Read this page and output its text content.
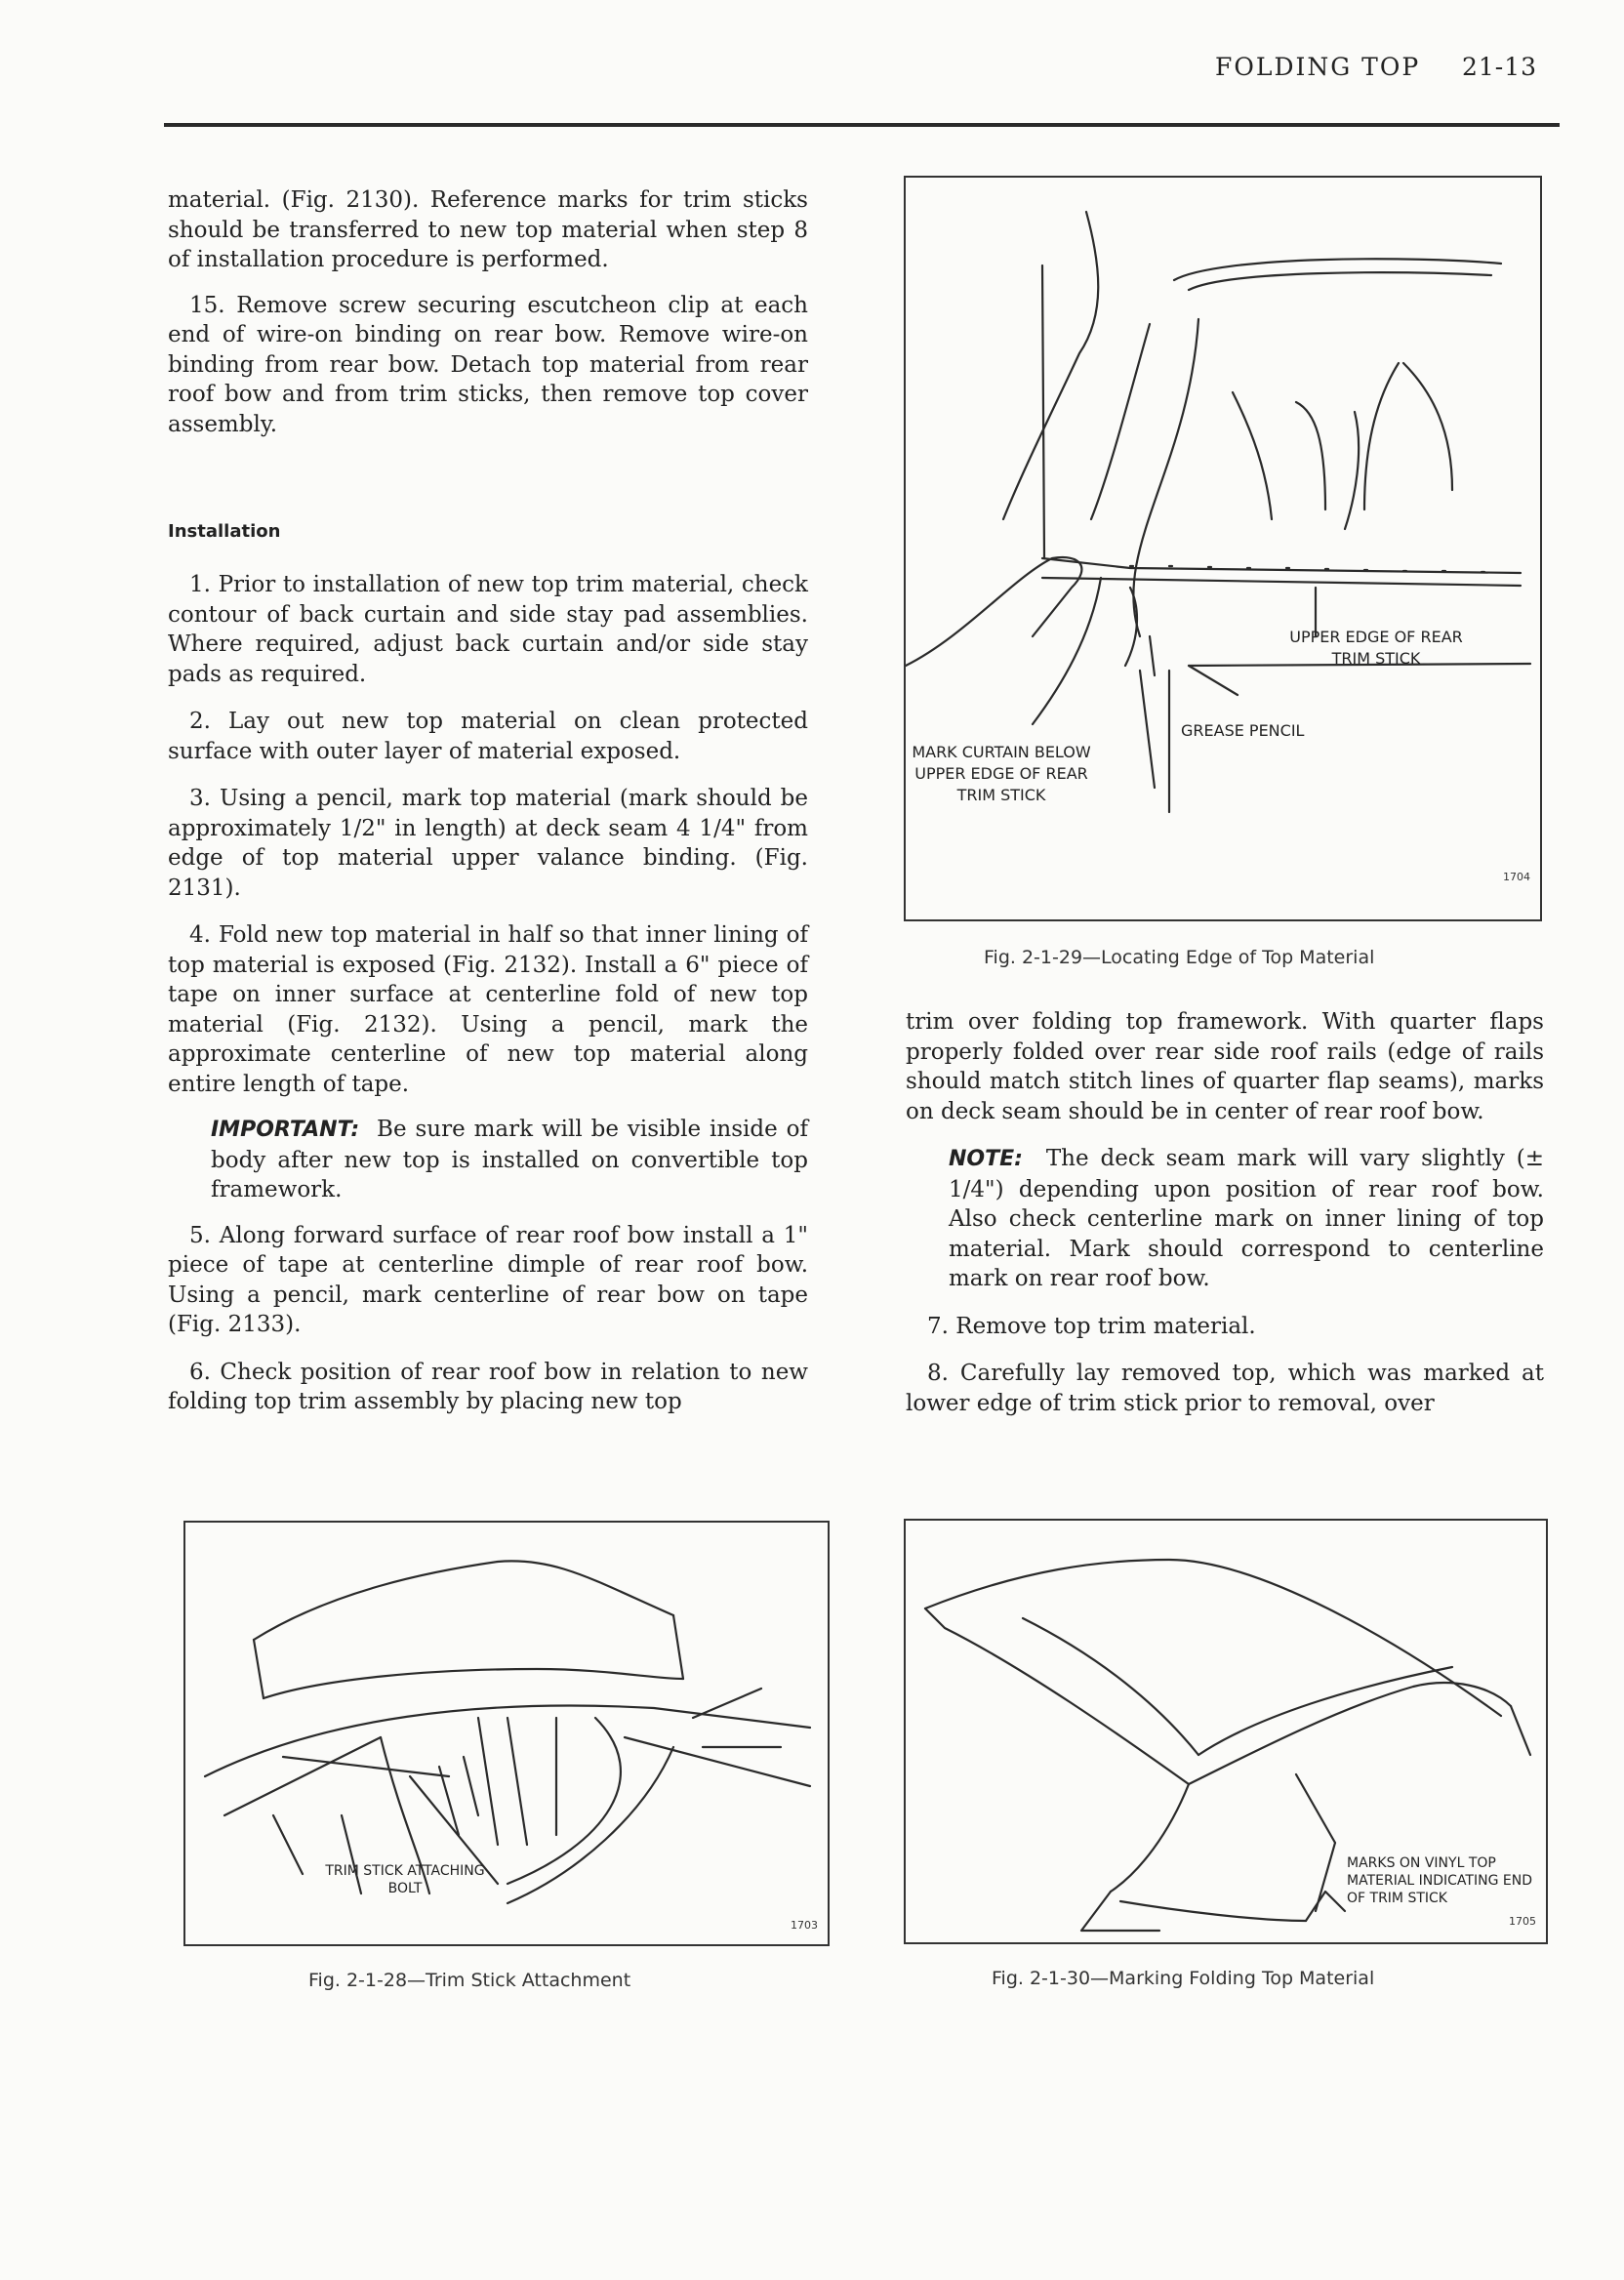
FOLDING TOP 21-13

material. (Fig. 2130). Reference marks for trim sticks should be transferred to new top material when step 8 of installation procedure is performed.

15. Remove screw securing escutcheon clip at each end of wire-on binding on rear bow. Remove wire-on binding from rear bow. Detach top material from rear roof bow and from trim sticks, then remove top cover assembly.

Installation

1. Prior to installation of new top trim material, check contour of back curtain and side stay pad assemblies. Where required, adjust back curtain and/or side stay pads as required.

2. Lay out new top material on clean protected surface with outer layer of material exposed.

3. Using a pencil, mark top material (mark should be approximately 1/2" in length) at deck seam 4 1/4" from edge of top material upper valance binding. (Fig. 2131).

4. Fold new top material in half so that inner lining of top material is exposed (Fig. 2132). Install a 6" piece of tape on inner surface at centerline fold of new top material (Fig. 2132). Using a pencil, mark the approximate centerline of new top material along entire length of tape.

IMPORTANT: Be sure mark will be visible inside of body after new top is installed on convertible top framework.

5. Along forward surface of rear roof bow install a 1" piece of tape at centerline dimple of rear roof bow. Using a pencil, mark centerline of rear bow on tape (Fig. 2133).

6. Check position of rear roof bow in relation to new folding top trim assembly by placing new top

trim over folding top framework. With quarter flaps properly folded over rear side roof rails (edge of rails should match stitch lines of quarter flap seams), marks on deck seam should be in center of rear roof bow.

NOTE: The deck seam mark will vary slightly (± 1/4") depending upon position of rear roof bow. Also check centerline mark on inner lining of top material. Mark should correspond to centerline mark on rear roof bow.

7. Remove top trim material.

8. Carefully lay removed top, which was marked at lower edge of trim stick prior to removal, over

UPPER EDGE OF REAR TRIM STICK
GREASE PENCIL
MARK CURTAIN BELOW UPPER EDGE OF REAR TRIM STICK
1704
Fig. 2-1-29—Locating Edge of Top Material
TRIM STICK ATTACHING BOLT
1703
Fig. 2-1-28—Trim Stick Attachment
MARKS ON VINYL TOP MATERIAL INDICATING END OF TRIM STICK
1705
Fig. 2-1-30—Marking Folding Top Material
